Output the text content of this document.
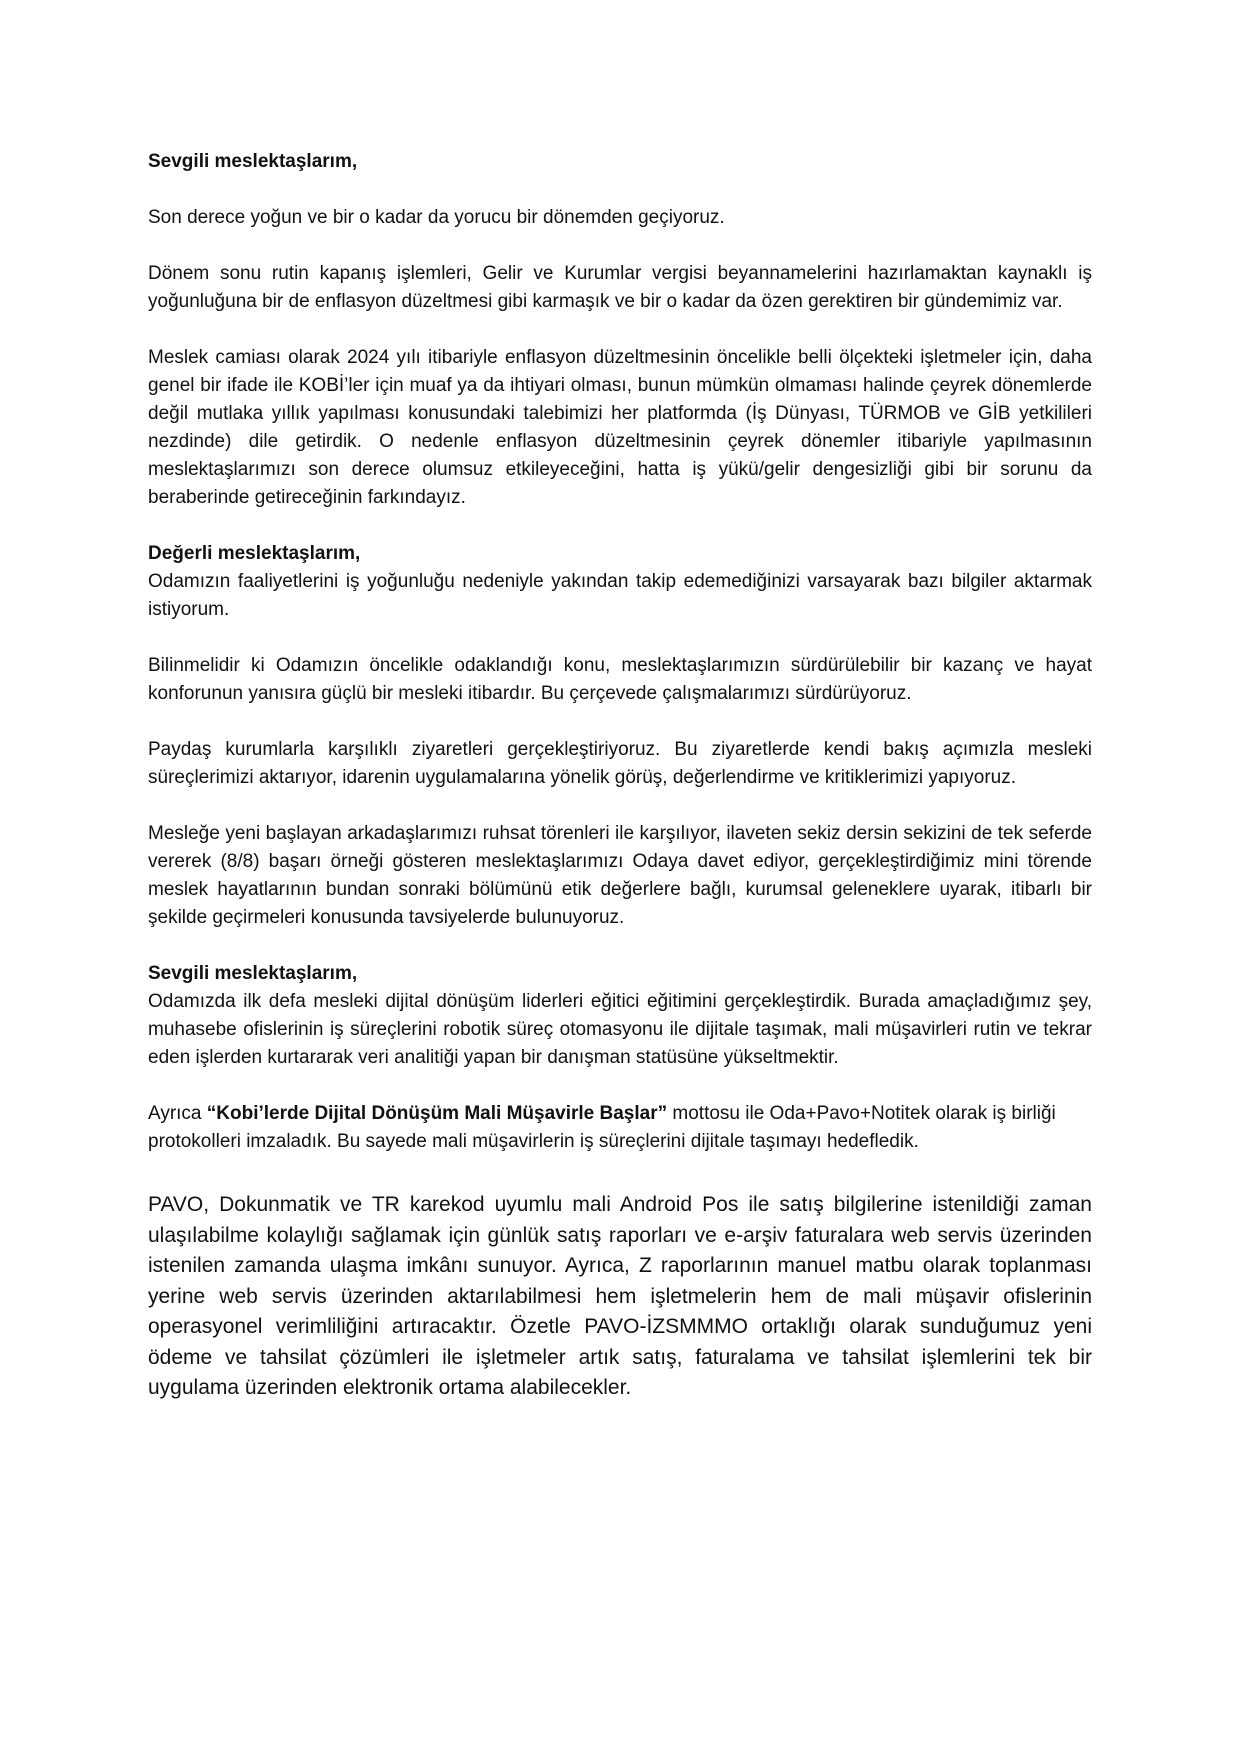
Sevgili meslektaşlarım,

Son derece yoğun ve bir o kadar da yorucu bir dönemden geçiyoruz.

Dönem sonu rutin kapanış işlemleri, Gelir ve Kurumlar vergisi beyannamelerini hazırlamaktan kaynaklı iş yoğunluğuna bir de enflasyon düzeltmesi gibi karmaşık ve bir o kadar da özen gerektiren bir gündemimiz var.

Meslek camiası olarak 2024 yılı itibariyle enflasyon düzeltmesinin öncelikle belli ölçekteki işletmeler için, daha genel bir ifade ile KOBİ’ler için muaf ya da ihtiyari olması, bunun mümkün olmaması halinde çeyrek dönemlerde değil mutlaka yıllık yapılması konusundaki talebimizi her platformda (İş Dünyası, TÜRMOB ve GİB yetkilileri nezdinde) dile getirdik. O nedenle enflasyon düzeltmesinin çeyrek dönemler itibariyle yapılmasının meslektaşlarımızı son derece olumsuz etkileyeceğini, hatta iş yükü/gelir dengesizliği gibi bir sorunu da beraberinde getireceğinin farkındayız.

Değerli meslektaşlarım,

Odamızın faaliyetlerini iş yoğunluğu nedeniyle yakından takip edemediğinizi varsayarak bazı bilgiler aktarmak istiyorum.

Bilinmelidir ki Odamızın öncelikle odaklandığı konu, meslektaşlarımızın sürdürülebilir bir kazanç ve hayat konforunun yanısıra güçlü bir mesleki itibardır. Bu çerçevede çalışmalarımızı sürdürüyoruz.

Paydaş kurumlarla karşılıklı ziyaretleri gerçekleştiriyoruz. Bu ziyaretlerde kendi bakış açımızla mesleki süreçlerimizi aktarıyor, idarenin uygulamalarına yönelik görüş, değerlendirme ve kritiklerimizi yapıyoruz.

Mesleğe yeni başlayan arkadaşlarımızı ruhsat törenleri ile karşılıyor, ilaveten sekiz dersin sekizini de tek seferde vererek (8/8) başarı örneği gösteren meslektaşlarımızı Odaya davet ediyor, gerçekleştirdiğimiz mini törende meslek hayatlarının bundan sonraki bölümünü etik değerlere bağlı, kurumsal geleneklere uyarak, itibarlı bir şekilde geçirmeleri konusunda tavsiyelerde bulunuyoruz.

Sevgili meslektaşlarım,

Odamızda ilk defa mesleki dijital dönüşüm liderleri eğitici eğitimini gerçekleştirdik. Burada amaçladığımız şey, muhasebe ofislerinin iş süreçlerini robotik süreç otomasyonu ile dijitale taşımak, mali müşavirleri rutin ve tekrar eden işlerden kurtararak veri analitiği yapan bir danışman statüsüne yükseltmektir.

Ayrıca “Kobi’lerde Dijital Dönüşüm Mali Müşavirle Başlar” mottosu ile Oda+Pavo+Notitek olarak iş birliği protokolleri imzaladık. Bu sayede mali müşavirlerin iş süreçlerini dijitale taşımayı hedefledik.

PAVO, Dokunmatik ve TR karekod uyumlu mali Android Pos ile satış bilgilerine istenildiği zaman ulaşılabilme kolaylığı sağlamak için günlük satış raporları ve e-arşiv faturalara web servis üzerinden istenilen zamanda ulaşma imkânı sunuyor. Ayrıca, Z raporlarının manuel matbu olarak toplanması yerine web servis üzerinden aktarılabilmesi hem işletmelerin hem de mali müşavir ofislerinin operasyonel verimliliğini artıracaktır. Özetle PAVO-İZSMMMO ortaklığı olarak sunduğumuz yeni ödeme ve tahsilat çözümleri ile işletmeler artık satış, faturalama ve tahsilat işlemlerini tek bir uygulama üzerinden elektronik ortama alabilecekler.
